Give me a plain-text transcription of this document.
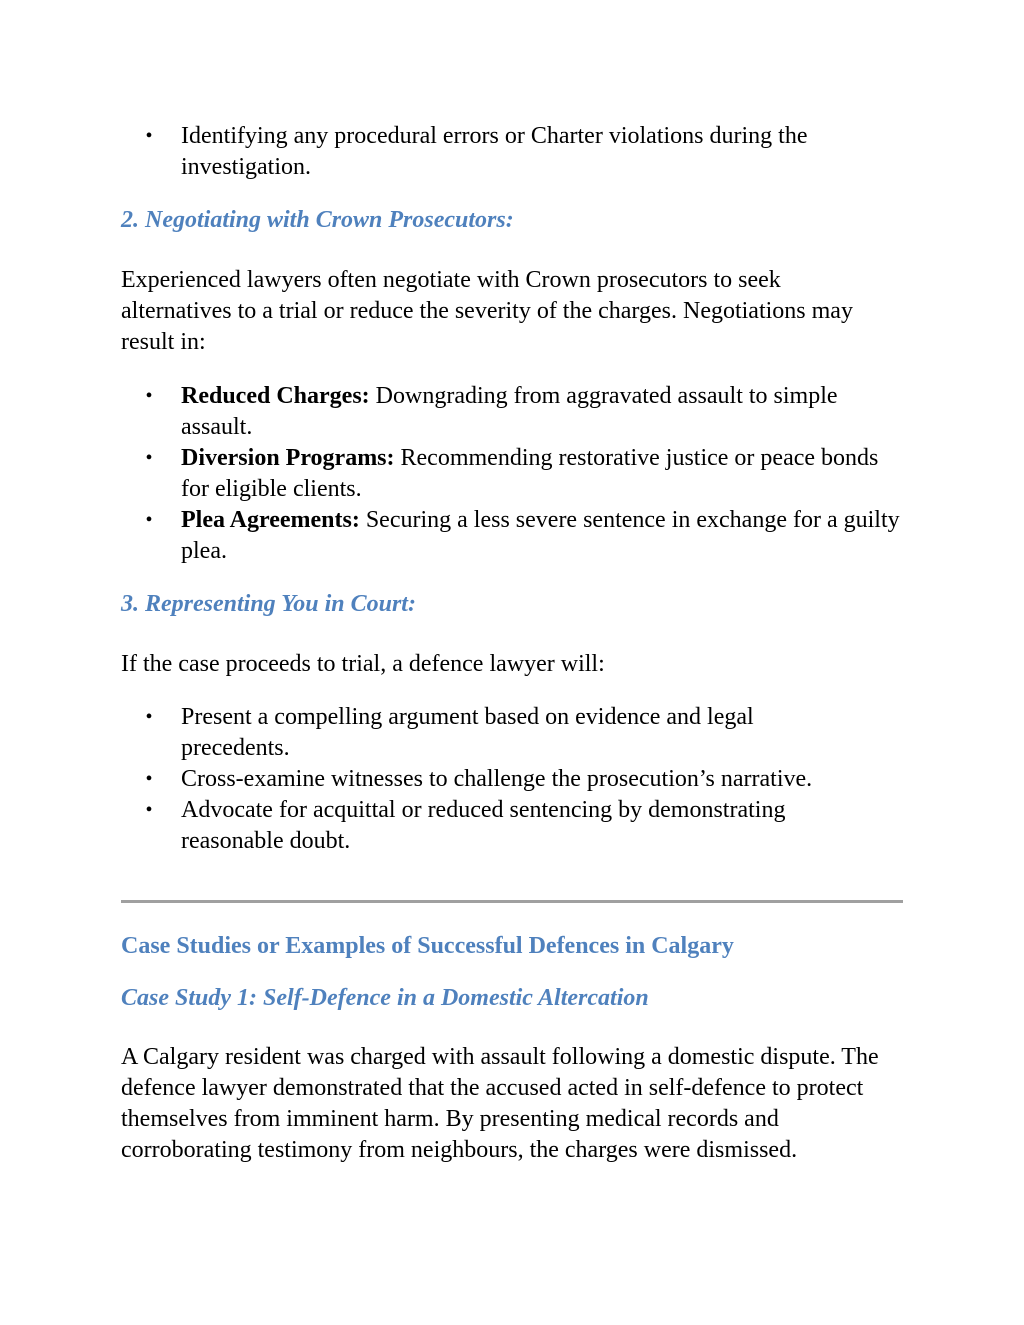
• Identifying any procedural errors or Charter violations during the investigation.

2. Negotiating with Crown Prosecutors:

Experienced lawyers often negotiate with Crown prosecutors to seek alternatives to a trial or reduce the severity of the charges. Negotiations may result in:

• Reduced Charges: Downgrading from aggravated assault to simple assault.

• Diversion Programs: Recommending restorative justice or peace bonds for eligible clients.

• Plea Agreements: Securing a less severe sentence in exchange for a guilty plea.

3. Representing You in Court:

If the case proceeds to trial, a defence lawyer will:

• Present a compelling argument based on evidence and legal precedents.

• Cross-examine witnesses to challenge the prosecution’s narrative.

• Advocate for acquittal or reduced sentencing by demonstrating reasonable doubt.

Case Studies or Examples of Successful Defences in Calgary

Case Study 1: Self-Defence in a Domestic Altercation

A Calgary resident was charged with assault following a domestic dispute. The defence lawyer demonstrated that the accused acted in self-defence to protect themselves from imminent harm. By presenting medical records and corroborating testimony from neighbours, the charges were dismissed.
